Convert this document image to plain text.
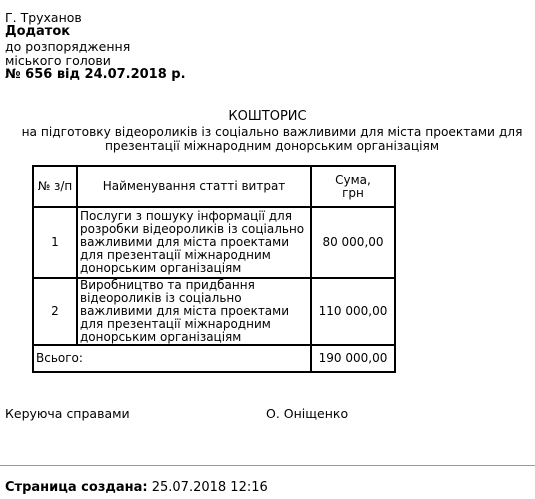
Г. Труханов
Додаток
до розпорядження
міського голови
№ 656 від 24.07.2018 р.
КОШТОРИС
на підготовку відеороликів із соціально важливими для міста проектами для презентації міжнародним донорським організаціям
№ з/п	Найменування статті витрат	Сума,
грн
1	Послуги з пошуку інформації для розробки відеороликів із соціально важливими для міста проектами для презентації міжнародним донорським організаціям	80 000,00
2	Виробництво та придбання відеороликів із соціально важливими для міста проектами для презентації міжнародним донорським організаціям	110 000,00
Всього:		190 000,00
Керуюча справами	О. Оніщенко
Страница создана: 25.07.2018 12:16
